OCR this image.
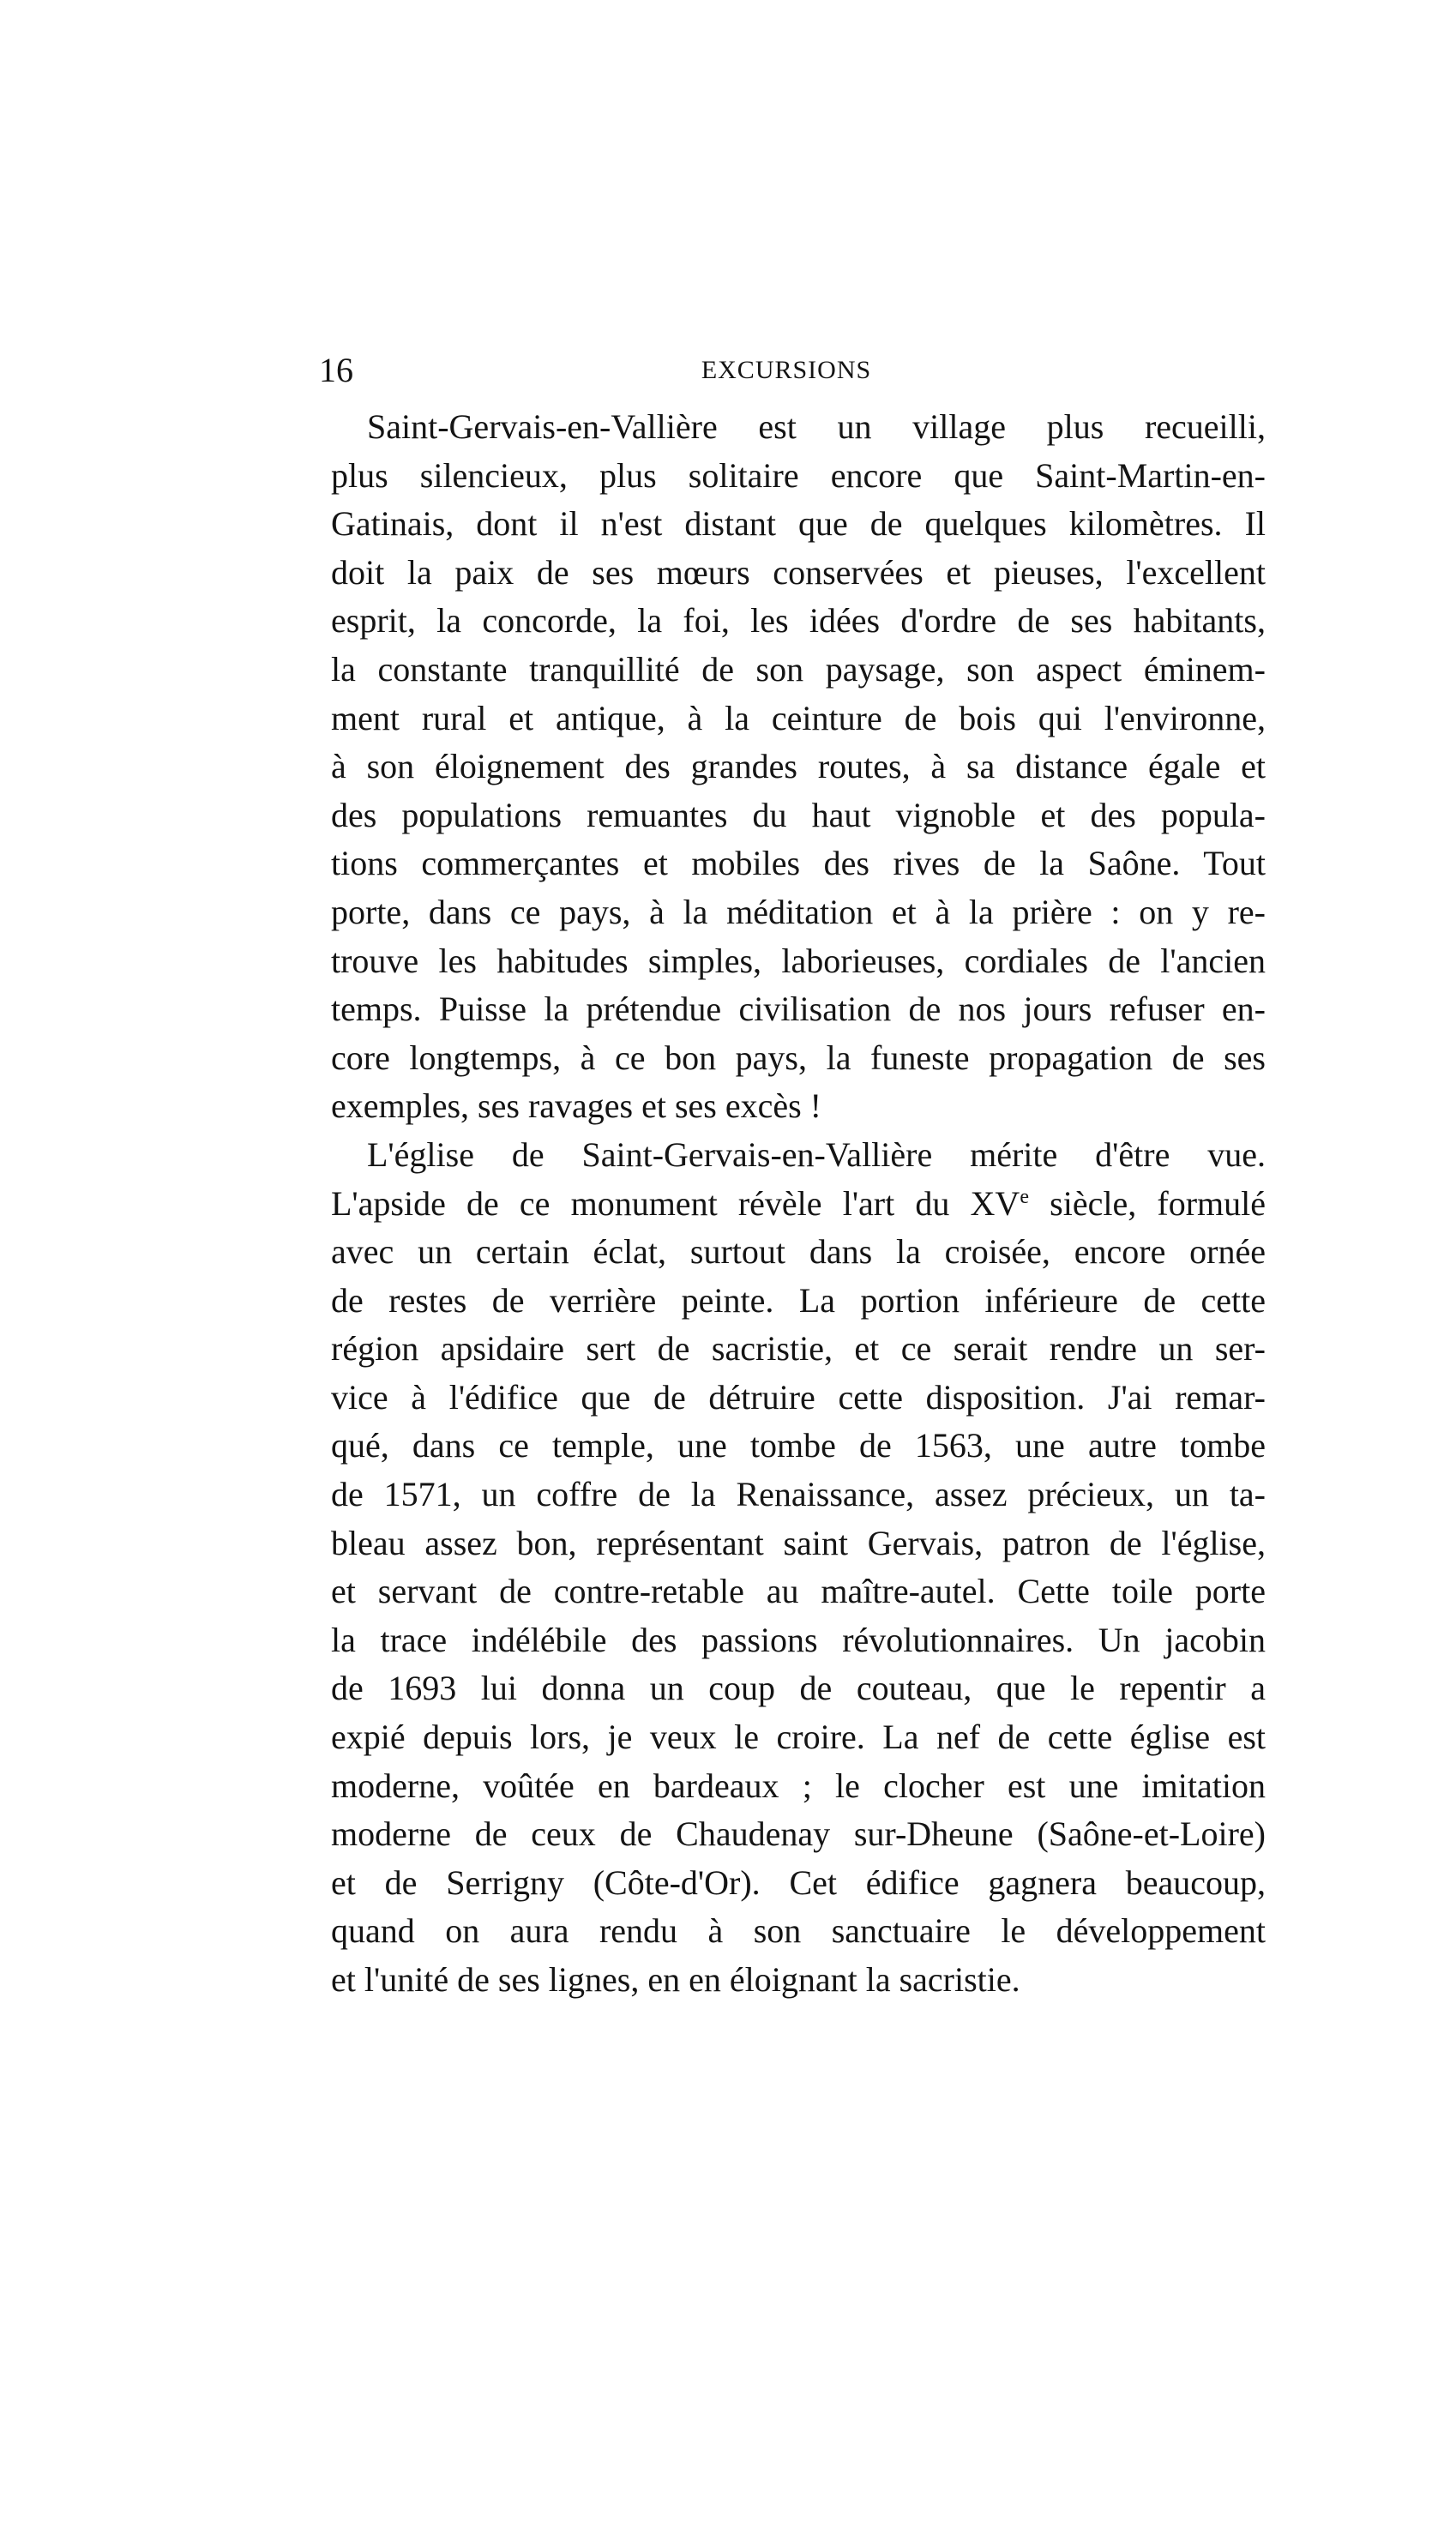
16	EXCURSIONS
Saint-Gervais-en-Vallière est un village plus recueilli,
plus silencieux, plus solitaire encore que Saint-Martin-en-
Gatinais, dont il n'est distant que de quelques kilomètres. Il
doit la paix de ses mœurs conservées et pieuses, l'excellent
esprit, la concorde, la foi, les idées d'ordre de ses habitants,
la constante tranquillité de son paysage, son aspect éminem-
ment rural et antique, à la ceinture de bois qui l'environne,
à son éloignement des grandes routes, à sa distance égale et
des populations remuantes du haut vignoble et des popula-
tions commerçantes et mobiles des rives de la Saône. Tout
porte, dans ce pays, à la méditation et à la prière : on y re-
trouve les habitudes simples, laborieuses, cordiales de l'ancien
temps. Puisse la prétendue civilisation de nos jours refuser en-
core longtemps, à ce bon pays, la funeste propagation de ses
exemples, ses ravages et ses excès !
L'église de Saint-Gervais-en-Vallière mérite d'être vue.
L'apside de ce monument révèle l'art du XVe siècle, formulé
avec un certain éclat, surtout dans la croisée, encore ornée
de restes de verrière peinte. La portion inférieure de cette
région apsidaire sert de sacristie, et ce serait rendre un ser-
vice à l'édifice que de détruire cette disposition. J'ai remar-
qué, dans ce temple, une tombe de 1563, une autre tombe
de 1571, un coffre de la Renaissance, assez précieux, un ta-
bleau assez bon, représentant saint Gervais, patron de l'église,
et servant de contre-retable au maître-autel. Cette toile porte
la trace indélébile des passions révolutionnaires. Un jacobin
de 1693 lui donna un coup de couteau, que le repentir a
expié depuis lors, je veux le croire. La nef de cette église est
moderne, voûtée en bardeaux ; le clocher est une imitation
moderne de ceux de Chaudenay sur-Dheune (Saône-et-Loire)
et de Serrigny (Côte-d'Or). Cet édifice gagnera beaucoup,
quand on aura rendu à son sanctuaire le développement
et l'unité de ses lignes, en en éloignant la sacristie.
